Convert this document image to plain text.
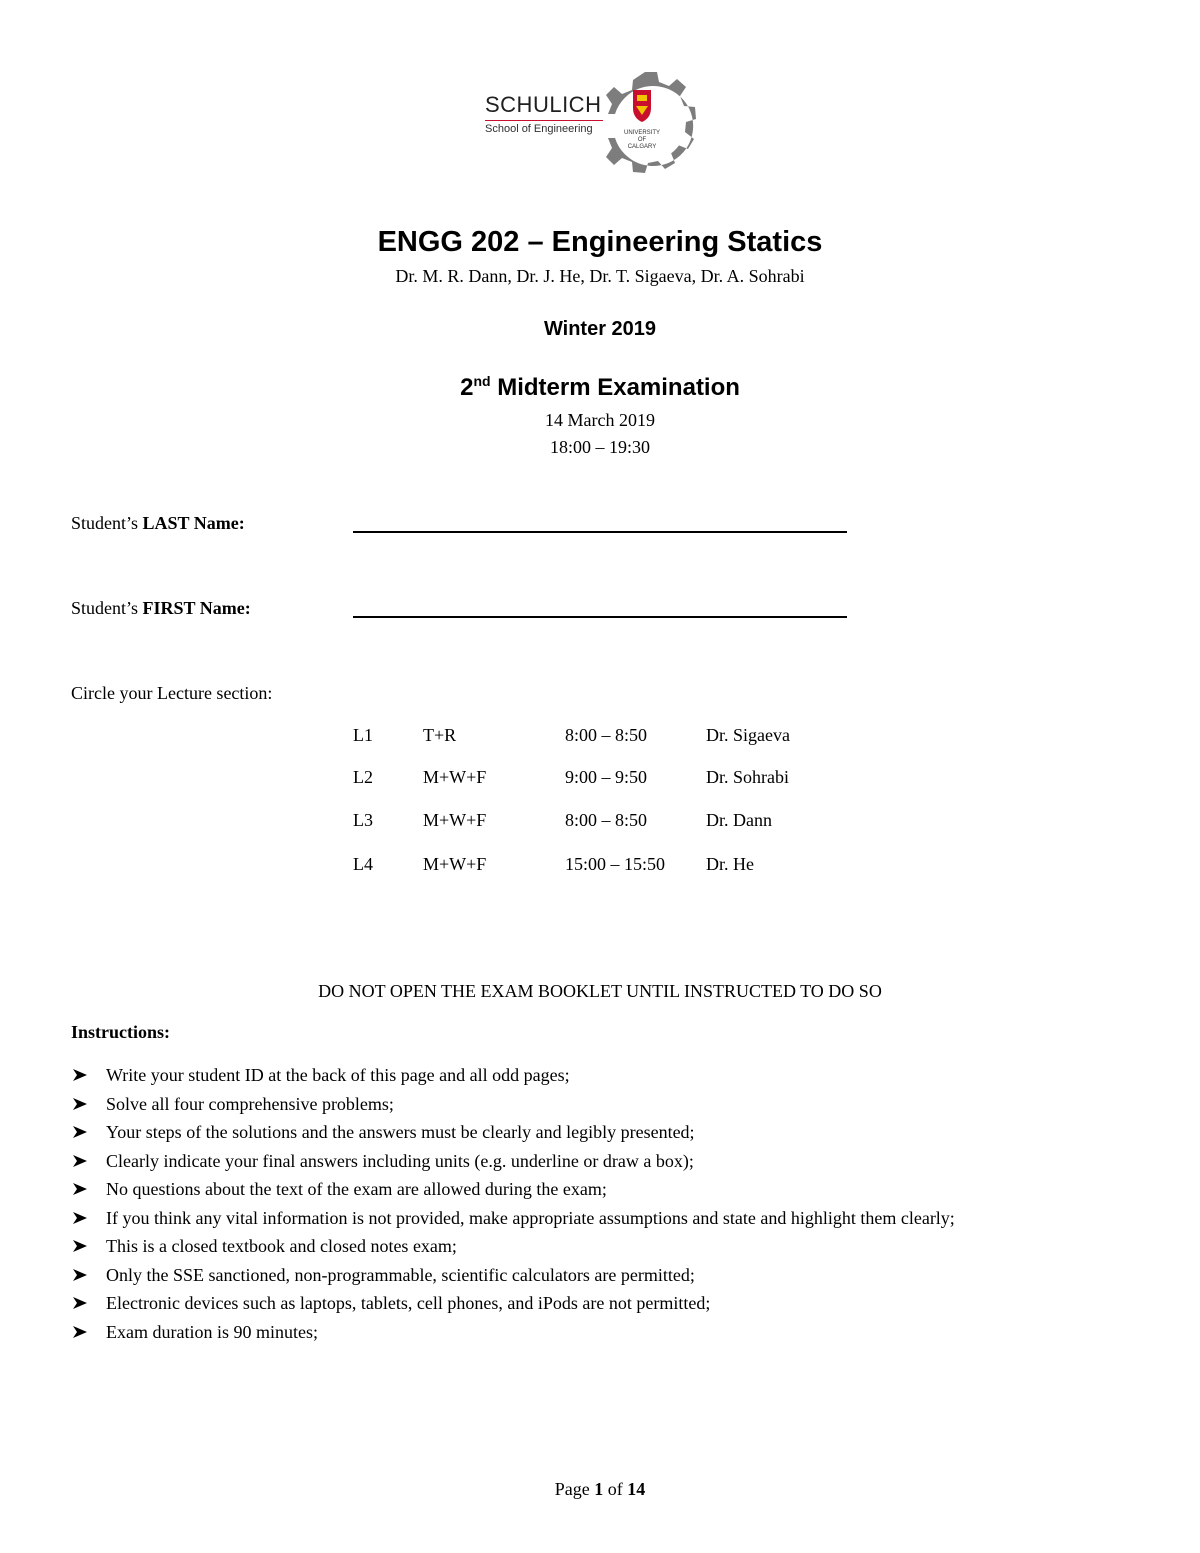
SCHULICH
School of Engineering	UNIVERSITY OF
CALGARY
ENGG 202 – Engineering Statics
Dr. M. R. Dann, Dr. J. He, Dr. T. Sigaeva, Dr. A. Sohrabi
Winter 2019
2nd Midterm Examination
14 March 2019
18:00 – 19:30
Student’s LAST Name:
Student’s FIRST Name:
Circle your Lecture section:
L1	T+R	8:00 – 8:50	Dr. Sigaeva
L2	M+W+F	9:00 – 9:50	Dr. Sohrabi
L3	M+W+F	8:00 – 8:50	Dr. Dann
L4	M+W+F	15:00 – 15:50 Dr. He
DO NOT OPEN THE EXAM BOOKLET UNTIL INSTRUCTED TO DO SO
Instructions:
Write your student ID at the back of this page and all odd pages;
Solve all four comprehensive problems;
Your steps of the solutions and the answers must be clearly and legibly presented;
Clearly indicate your final answers including units (e.g. underline or draw a box);
No questions about the text of the exam are allowed during the exam;
If you think any vital information is not provided, make appropriate assumptions and state and highlight them clearly;
This is a closed textbook and closed notes exam;
Only the SSE sanctioned, non-programmable, scientific calculators are permitted;
Electronic devices such as laptops, tablets, cell phones, and iPods are not permitted;
Exam duration is 90 minutes;
Page 1 of 14
